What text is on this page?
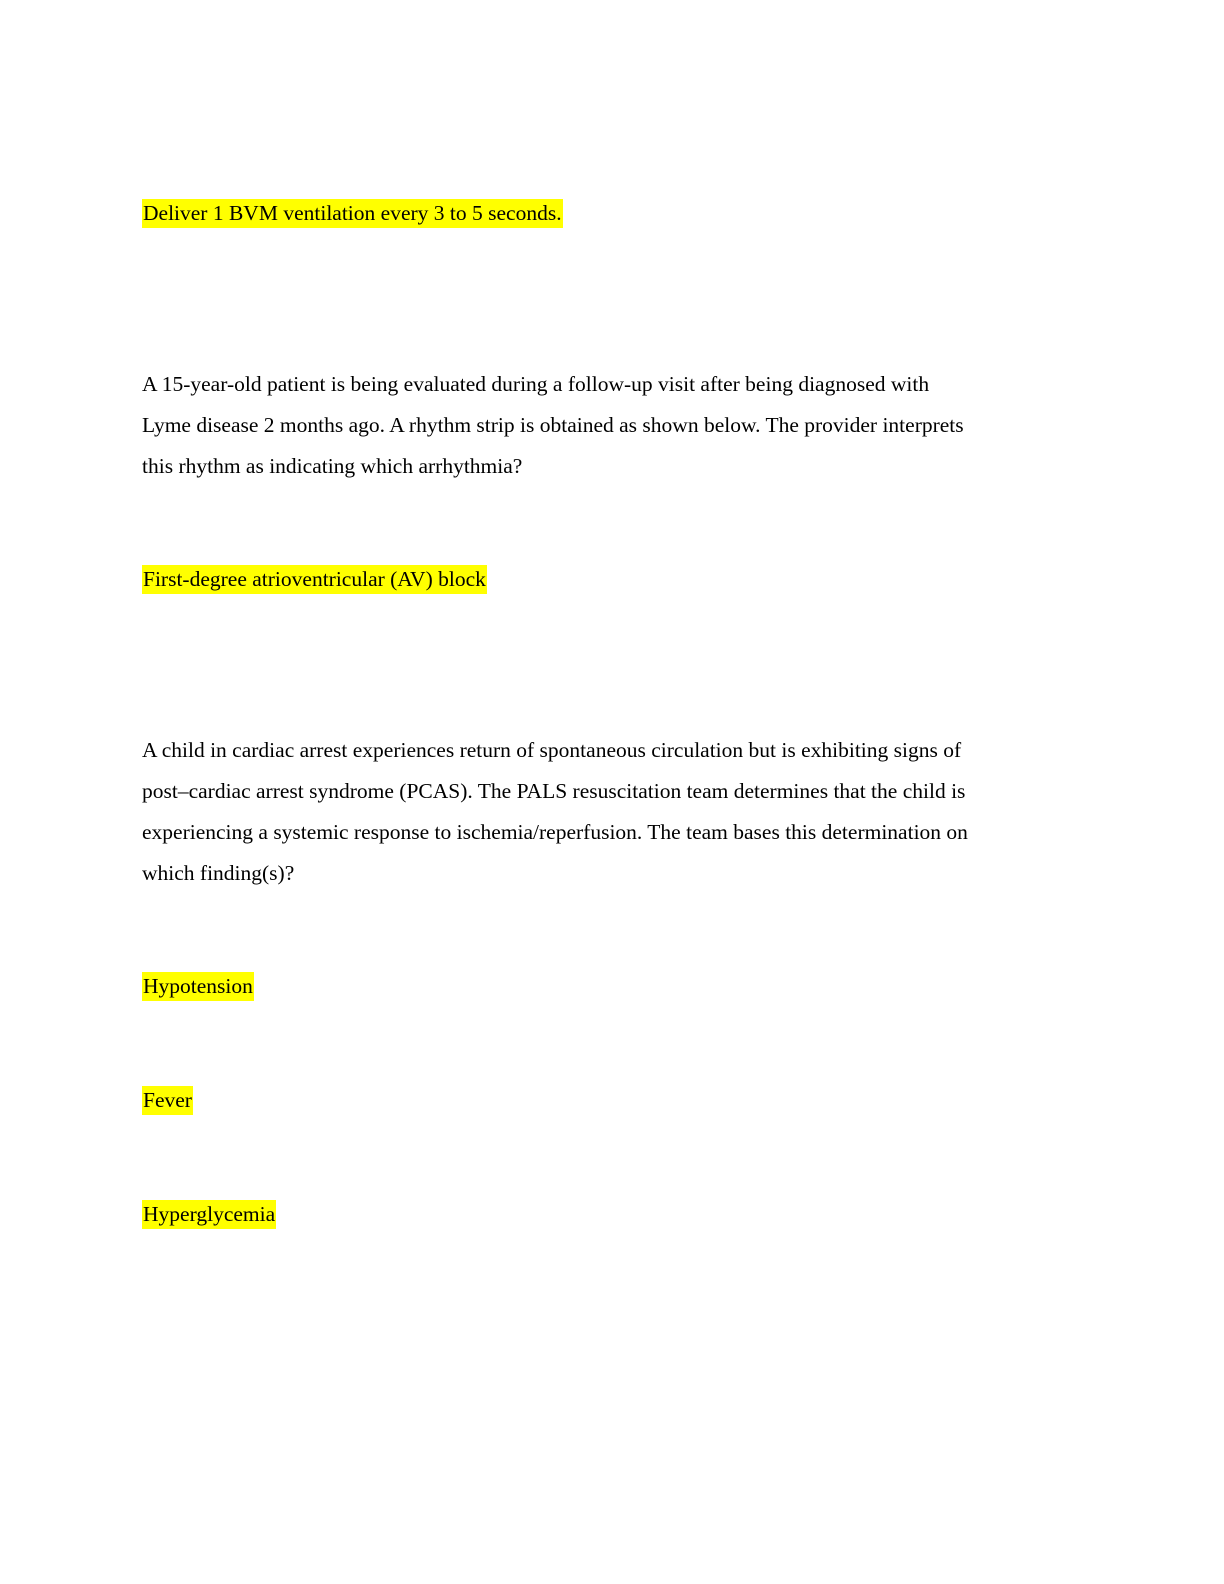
Deliver 1 BVM ventilation every 3 to 5 seconds.

A 15-year-old patient is being evaluated during a follow-up visit after being diagnosed with
Lyme disease 2 months ago. A rhythm strip is obtained as shown below. The provider interprets
this rhythm as indicating which arrhythmia?

First-degree atrioventricular (AV) block

A child in cardiac arrest experiences return of spontaneous circulation but is exhibiting signs of
post–cardiac arrest syndrome (PCAS). The PALS resuscitation team determines that the child is
experiencing a systemic response to ischemia/reperfusion. The team bases this determination on
which finding(s)?

Hypotension

Fever

Hyperglycemia
